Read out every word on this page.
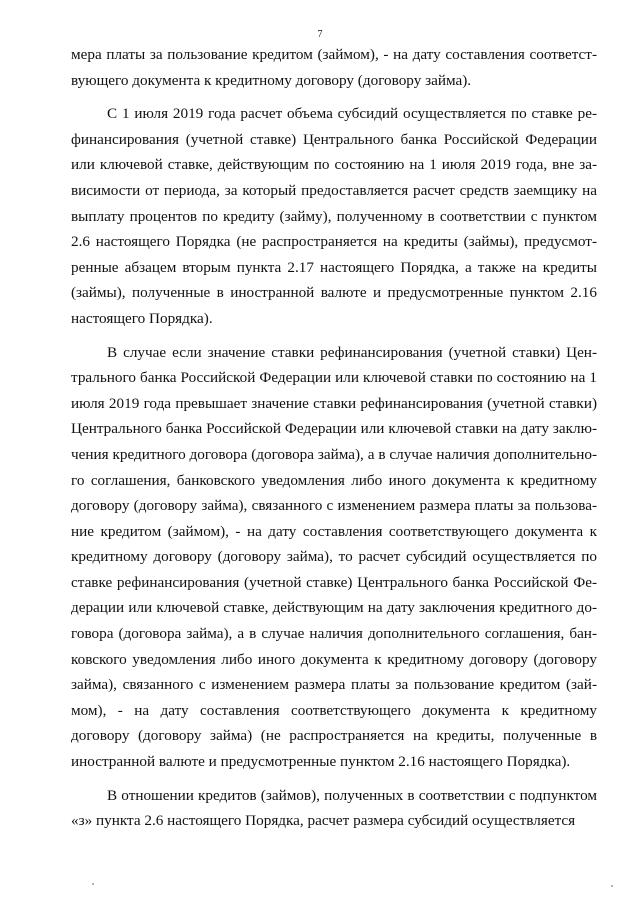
7

мера платы за пользование кредитом (займом), - на дату составления соответствующего документа к кредитному договору (договору займа).

С 1 июля 2019 года расчет объема субсидий осуществляется по ставке рефинансирования (учетной ставке) Центрального банка Российской Федерации или ключевой ставке, действующим по состоянию на 1 июля 2019 года, вне зависимости от периода, за который предоставляется расчет средств заемщику на выплату процентов по кредиту (займу), полученному в соответствии с пунктом 2.6 настоящего Порядка (не распространяется на кредиты (займы), предусмотренные абзацем вторым пункта 2.17 настоящего Порядка, а также на кредиты (займы), полученные в иностранной валюте и предусмотренные пунктом 2.16 настоящего Порядка).

В случае если значение ставки рефинансирования (учетной ставки) Центрального банка Российской Федерации или ключевой ставки по состоянию на 1 июля 2019 года превышает значение ставки рефинансирования (учетной ставки) Центрального банка Российской Федерации или ключевой ставки на дату заключения кредитного договора (договора займа), а в случае наличия дополнительного соглашения, банковского уведомления либо иного документа к кредитному договору (договору займа), связанного с изменением размера платы за пользование кредитом (займом), - на дату составления соответствующего документа к кредитному договору (договору займа), то расчет субсидий осуществляется по ставке рефинансирования (учетной ставке) Центрального банка Российской Федерации или ключевой ставке, действующим на дату заключения кредитного договора (договора займа), а в случае наличия дополнительного соглашения, банковского уведомления либо иного документа к кредитному договору (договору займа), связанного с изменением размера платы за пользование кредитом (займом), - на дату составления соответствующего документа к кредитному договору (договору займа) (не распространяется на кредиты, полученные в иностранной валюте и предусмотренные пунктом 2.16 настоящего Порядка).

В отношении кредитов (займов), полученных в соответствии с подпунктом «з» пункта 2.6 настоящего Порядка, расчет размера субсидий осуществляется
